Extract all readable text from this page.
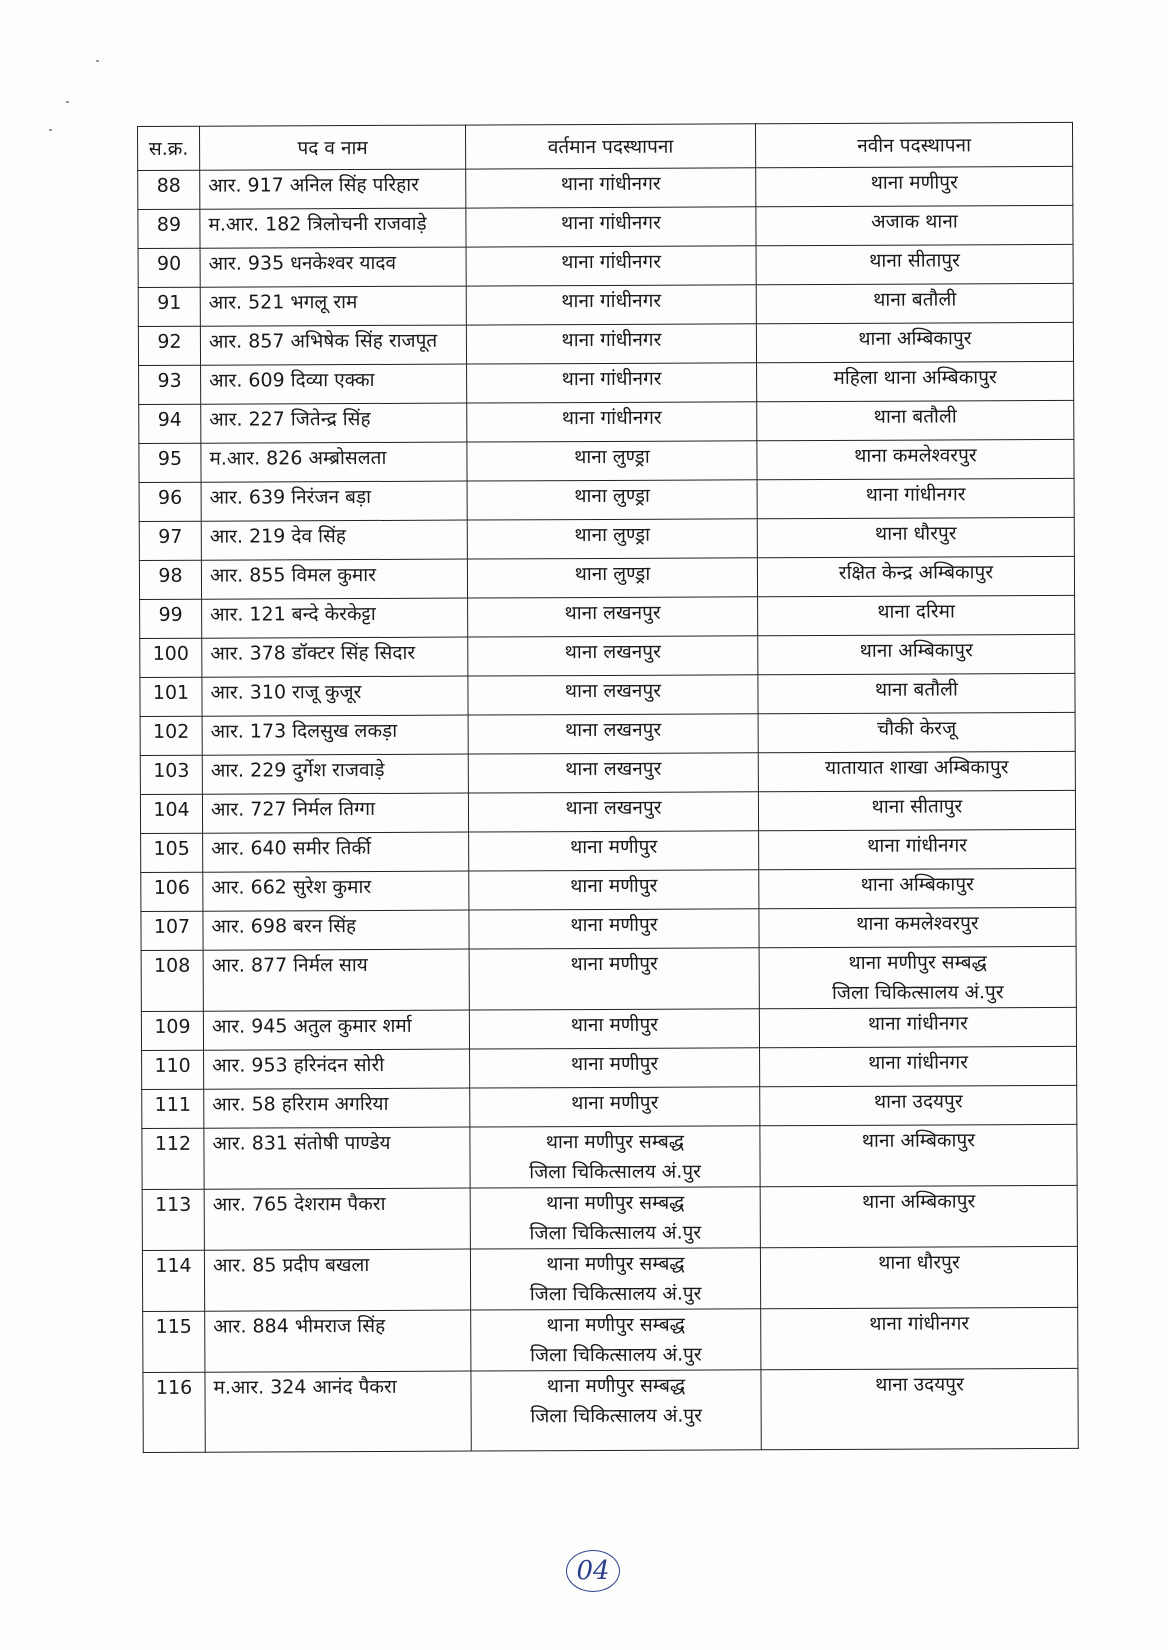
स.क्र.	पद व नाम	वर्तमान पदस्थापना	नवीन पदस्थापना
88	आर. 917 अनिल सिंह परिहार	थाना गांधीनगर	थाना मणीपुर

89	म.आर. 182 त्रिलोचनी राजवाड़े	थाना गांधीनगर	अजाक थाना

90	आर. 935 धनकेश्वर यादव	थाना गांधीनगर	थाना सीतापुर

91	आर. 521 भगलू राम	थाना गांधीनगर	थाना बतौली

92	आर. 857 अभिषेक सिंह राजपूत	थाना गांधीनगर	थाना अम्बिकापुर

93	आर. 609 दिव्या एक्का	थाना गांधीनगर	महिला थाना अम्बिकापुर

94	आर. 227 जितेन्द्र सिंह	थाना गांधीनगर	थाना बतौली

95	म.आर. 826 अम्ब्रोसलता	थाना लुण्ड्रा	थाना कमलेश्वरपुर

96	आर. 639 निरंजन बड़ा	थाना लुण्ड्रा	थाना गांधीनगर

97	आर. 219 देव सिंह	थाना लुण्ड्रा	थाना धौरपुर

98	आर. 855 विमल कुमार	थाना लुण्ड्रा	रक्षित केन्द्र अम्बिकापुर

99	आर. 121 बन्दे केरकेट्टा	थाना लखनपुर	थाना दरिमा

100	आर. 378 डॉक्टर सिंह सिदार	थाना लखनपुर	थाना अम्बिकापुर

101	आर. 310 राजू कुजूर	थाना लखनपुर	थाना बतौली

102	आर. 173 दिलसुख लकड़ा	थाना लखनपुर	चौकी केरजू

103	आर. 229 दुर्गेश राजवाड़े	थाना लखनपुर	यातायात शाखा अम्बिकापुर

104	आर. 727 निर्मल तिग्गा	थाना लखनपुर	थाना सीतापुर

105	आर. 640 समीर तिर्की	थाना मणीपुर	थाना गांधीनगर

106	आर. 662 सुरेश कुमार	थाना मणीपुर	थाना अम्बिकापुर

107	आर. 698 बरन सिंह	थाना मणीपुर	थाना कमलेश्वरपुर

108	आर. 877 निर्मल साय	थाना मणीपुर	थाना मणीपुर सम्बद्ध
जिला चिकित्सालय अं.पुर

109	आर. 945 अतुल कुमार शर्मा	थाना मणीपुर	थाना गांधीनगर

110	आर. 953 हरिनंदन सोरी	थाना मणीपुर	थाना गांधीनगर

111	आर. 58 हरिराम अगरिया	थाना मणीपुर	थाना उदयपुर

112	आर. 831 संतोषी पाण्डेय	थाना मणीपुर सम्बद्ध
जिला चिकित्सालय अं.पुर	थाना अम्बिकापुर

113	आर. 765 देशराम पैकरा	थाना मणीपुर सम्बद्ध
जिला चिकित्सालय अं.पुर	थाना अम्बिकापुर

114	आर. 85 प्रदीप बखला	थाना मणीपुर सम्बद्ध
जिला चिकित्सालय अं.पुर	थाना धौरपुर

115	आर. 884 भीमराज सिंह	थाना मणीपुर सम्बद्ध
जिला चिकित्सालय अं.पुर	थाना गांधीनगर

116	म.आर. 324 आनंद पैकरा	थाना मणीपुर सम्बद्ध
जिला चिकित्सालय अं.पुर	थाना उदयपुर
04
